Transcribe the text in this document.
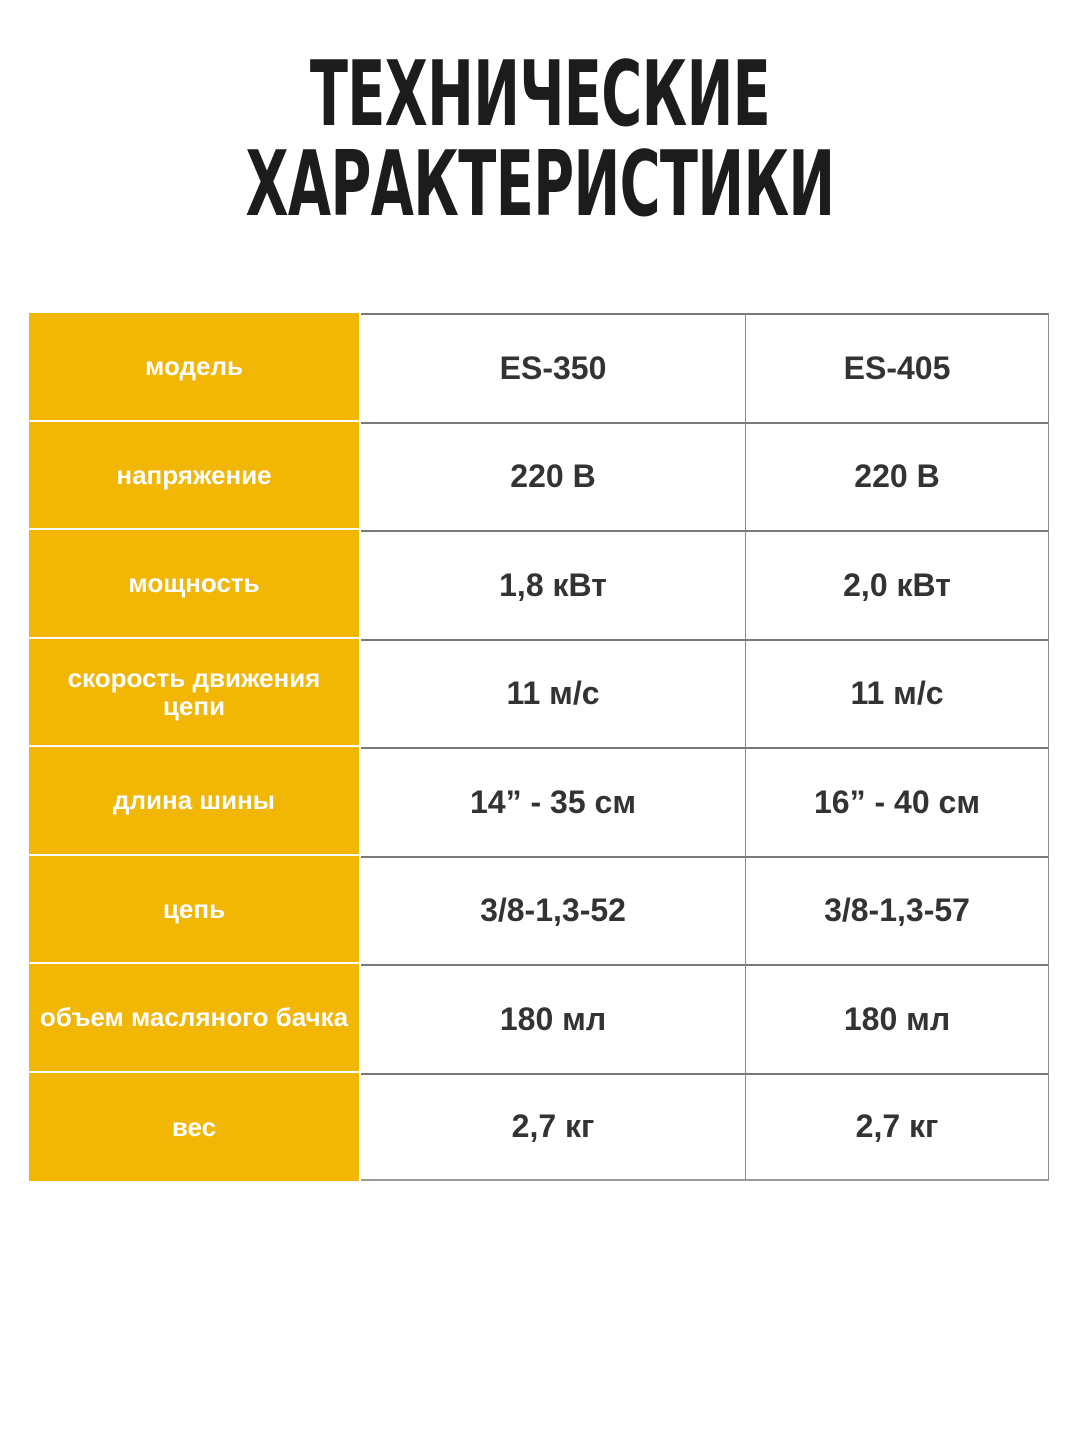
ТЕХНИЧЕСКИЕ
ХАРАКТЕРИСТИКИ
модель	ES-350	ES-405
напряжение	220 В	220 В
мощность	1,8 кВт	2,0 кВт
скорость движения цепи	11 м/с	11 м/с
длина шины	14” - 35 см	16” - 40 см
цепь	3/8-1,3-52	3/8-1,3-57
объем масляного бачка	180 мл	180 мл
вес	2,7 кг	2,7 кг
